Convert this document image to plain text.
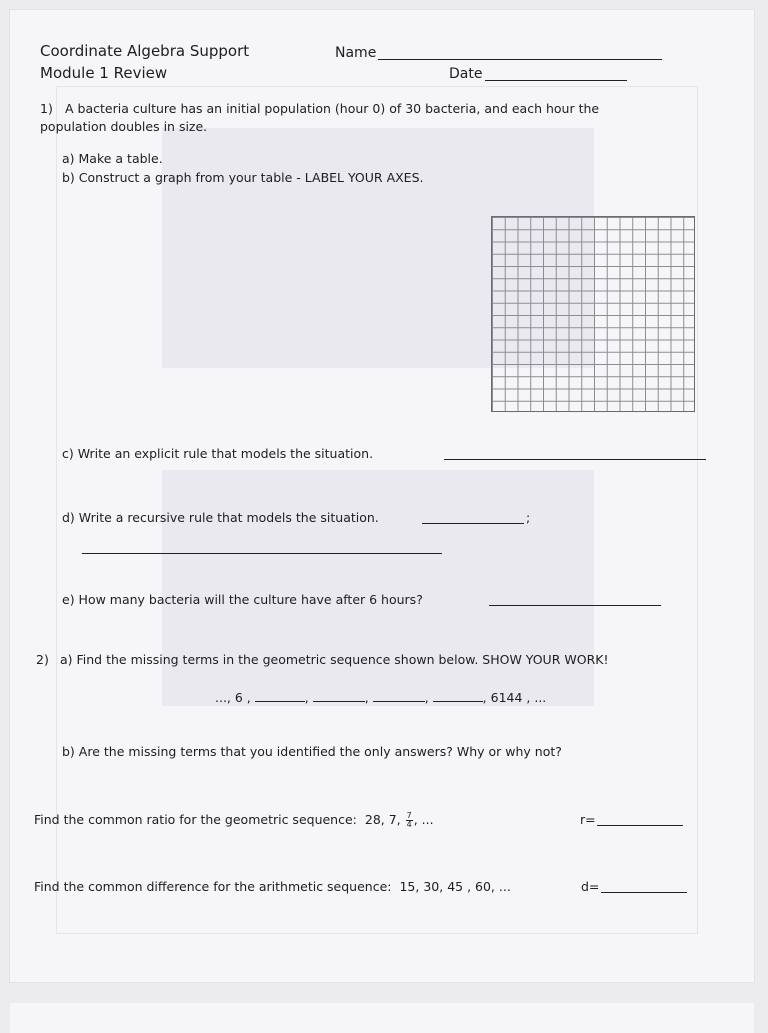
Coordinate Algebra Support
Module 1 Review
Name
Date
1) A bacteria culture has an initial population (hour 0) of 30 bacteria, and each hour the
population doubles in size.
a) Make a table.
b) Construct a graph from your table - LABEL YOUR AXES.
c) Write an explicit rule that models the situation.
d) Write a recursive rule that models the situation.	;
e) How many bacteria will the culture have after 6 hours?
2) a) Find the missing terms in the geometric sequence shown below. SHOW YOUR WORK!
..., 6 ,	,	,	,	, 6144 , ...
b) Are the missing terms that you identified the only answers? Why or why not?
Find the common ratio for the geometric sequence: 28, 7, $\frac{7}{4}$ , ...	r=
Find the common difference for the arithmetic sequence: 15, 30, 45 , 60, ...	d=
